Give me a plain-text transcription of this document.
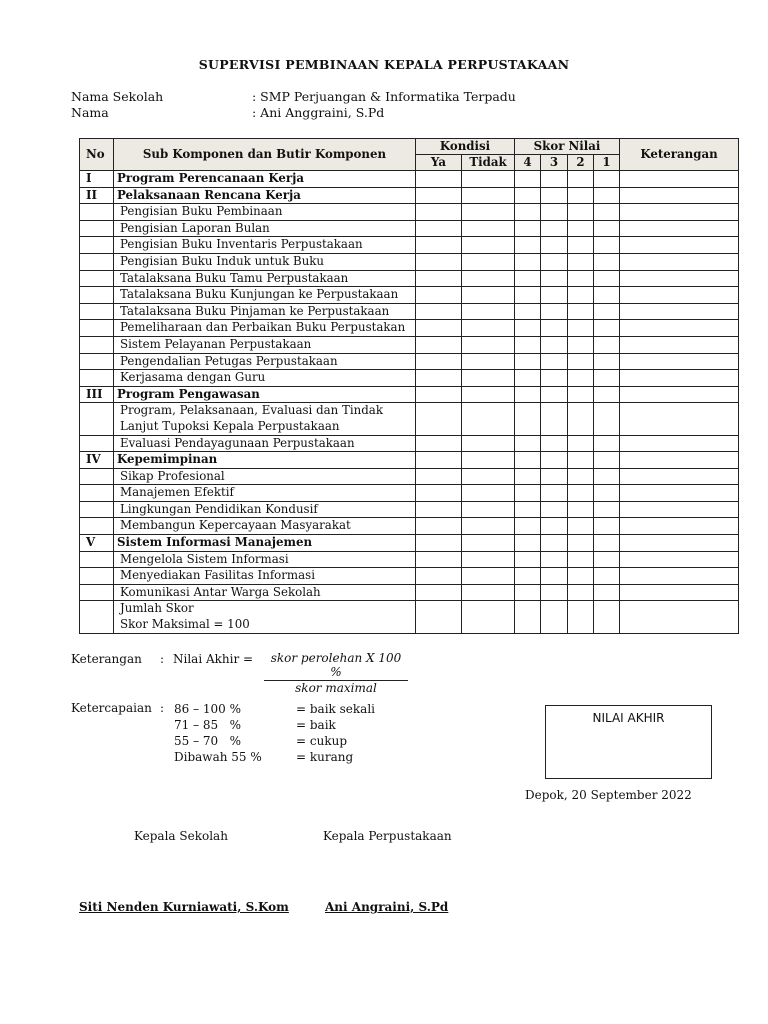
SUPERVISI PEMBINAAN KEPALA PERPUSTAKAAN
Nama Sekolah	: SMP Perjuangan & Informatika Terpadu
Nama	: Ani Anggraini, S.Pd
No	Sub Komponen dan Butir Komponen	Kondisi		Skor Nilai				Keterangan
		Ya	Tidak	4	3	2	1	
I	Program Perencanaan Kerja							

II	Pelaksanaan Rencana Kerja							

	Pengisian Buku Pembinaan							

	Pengisian Laporan Bulan							

	Pengisian Buku Inventaris Perpustakaan							

	Pengisian Buku Induk untuk Buku							

	Tatalaksana Buku Tamu Perpustakaan							

	Tatalaksana Buku Kunjungan ke Perpustakaan							

	Tatalaksana Buku Pinjaman ke Perpustakaan							

	Pemeliharaan dan Perbaikan Buku Perpustakan							

	Sistem Pelayanan Perpustakaan							

	Pengendalian Petugas Perpustakaan							

	Kerjasama dengan Guru							

III	Program Pengawasan							

	Program, Pelaksanaan, Evaluasi dan Tindak
Lanjut Tupoksi Kepala Perpustakaan							

	Evaluasi Pendayagunaan Perpustakaan							

IV	Kepemimpinan							

	Sikap Profesional							

	Manajemen Efektif							

	Lingkungan Pendidikan Kondusif							

	Membangun Kepercayaan Masyarakat							

V	Sistem Informasi Manajemen							

	Mengelola Sistem Informasi							

	Menyediakan Fasilitas Informasi							

	Komunikasi Antar Warga Sekolah							

	Jumlah Skor
Skor Maksimal = 100							

Keterangan : Nilai Akhir =	skor perolehan X 100 %
skor maximal
Ketercapaian : 86 – 100 %	= baik sekali
71 – 85   %	= baik
55 – 70   %	= cukup
Dibawah 55 %	= kurang
NILAI AKHIR
Depok, 20 September 2022
Kepala Sekolah	Kepala Perpustakaan
Siti Nenden Kurniawati, S.Kom	Ani Angraini, S.Pd
